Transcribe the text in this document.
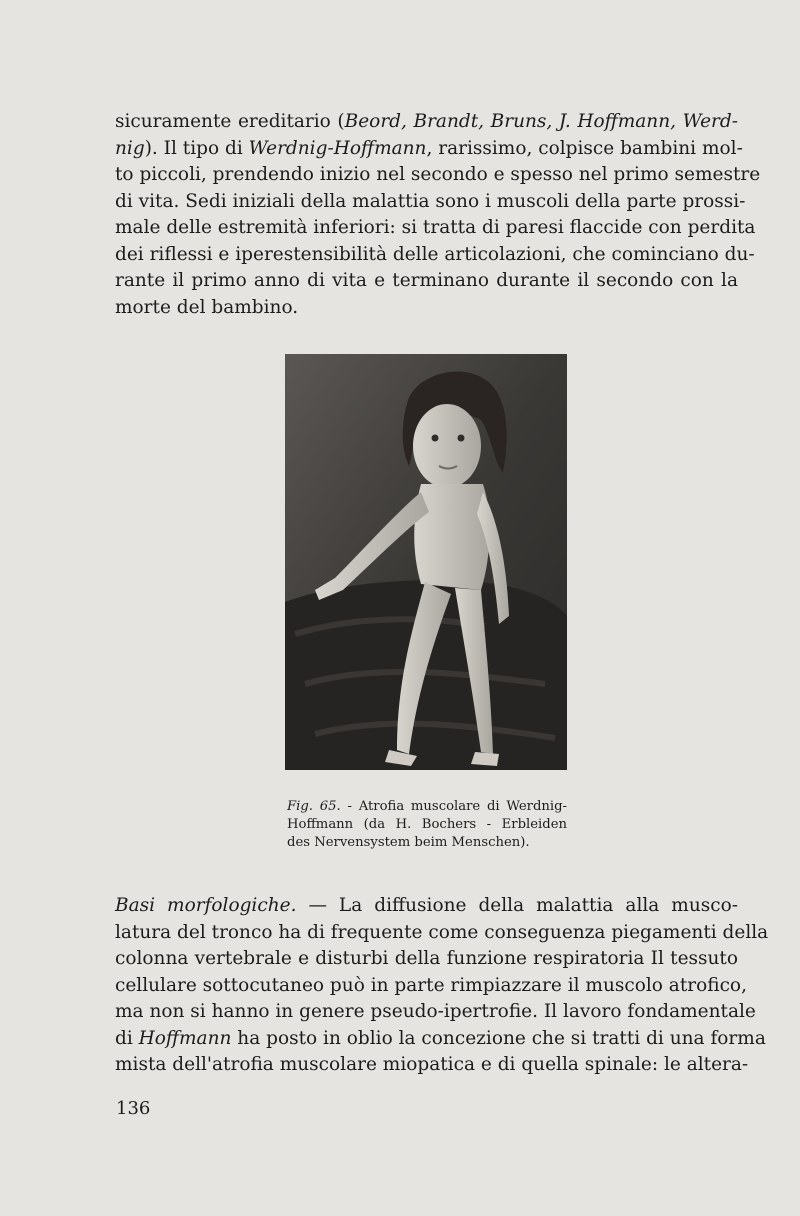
sicuramente ereditario (Beord, Brandt, Bruns, J. Hoffmann, Werd-
nig). Il tipo di Werdnig-Hoffmann, rarissimo, colpisce bambini mol-
to piccoli, prendendo inizio nel secondo e spesso nel primo semestre
di vita. Sedi iniziali della malattia sono i muscoli della parte prossi-
male delle estremità inferiori: si tratta di paresi flaccide con perdita
dei riflessi e iperestensibilità delle articolazioni, che cominciano du-
rante il primo anno di vita e terminano durante il secondo con la
morte del bambino.

Fig. 65. - Atrofia muscolare di Werdnig-
Hoffmann (da H. Bochers - Erbleiden
des Nervensystem beim Menschen).

Basi morfologiche. — La diffusione della malattia alla musco-
latura del tronco ha di frequente come conseguenza piegamenti della
colonna vertebrale e disturbi della funzione respiratoria Il tessuto
cellulare sottocutaneo può in parte rimpiazzare il muscolo atrofico,
ma non si hanno in genere pseudo-ipertrofie. Il lavoro fondamentale
di Hoffmann ha posto in oblio la concezione che si tratti di una forma
mista dell'atrofia muscolare miopatica e di quella spinale: le altera-

136
